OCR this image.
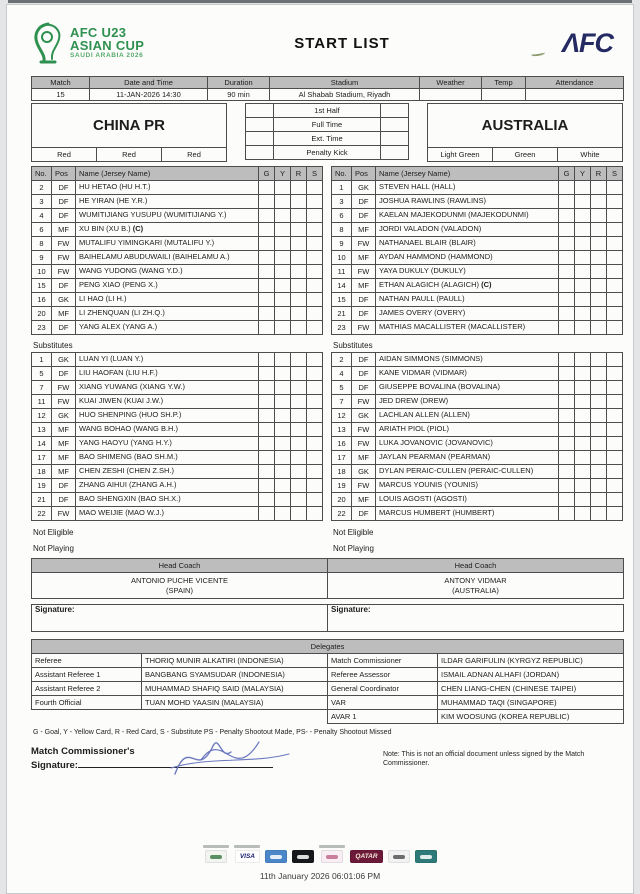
AFC U23
ASIAN CUP
SAUDI ARABIA 2026
START LIST	ΛFC
Match	Date and Time	Duration	Stadium	Weather	Temp	Attendance
15	11-JAN-2026 14:30	90 min	Al Shabab Stadium, Riyadh			
CHINA PR
Red	Red	Red
	1st Half	
	Full Time	
	Ext. Time	
	Penalty Kick	
AUSTRALIA
Light Green	Green	White
No.	Pos	Name (Jersey Name)	G	Y	R	S
2	DF	HU HETAO (HU H.T.)				
3	DF	HE YIRAN (HE Y.R.)				
4	DF	WUMITIJIANG YUSUPU (WUMITIJIANG Y.)				
6	MF	XU BIN (XU B.) (C)				
8	FW	MUTALIFU YIMINGKARI (MUTALIFU Y.)				
9	FW	BAIHELAMU ABUDUWAILI (BAIHELAMU A.)				
10	FW	WANG YUDONG (WANG Y.D.)				
15	DF	PENG XIAO (PENG X.)				
16	GK	LI HAO (LI H.)				
20	MF	LI ZHENQUAN (LI ZH.Q.)				
23	DF	YANG ALEX (YANG A.)				
Substitutes
1	GK	LUAN YI (LUAN Y.)				
5	DF	LIU HAOFAN (LIU H.F.)				
7	FW	XIANG YUWANG (XIANG Y.W.)				
11	FW	KUAI JIWEN (KUAI J.W.)				
12	GK	HUO SHENPING (HUO SH.P.)				
13	MF	WANG BOHAO (WANG B.H.)				
14	MF	YANG HAOYU (YANG H.Y.)				
17	MF	BAO SHIMENG (BAO SH.M.)				
18	MF	CHEN ZESHI (CHEN Z.SH.)				
19	DF	ZHANG AIHUI (ZHANG A.H.)				
21	DF	BAO SHENGXIN (BAO SH.X.)				
22	FW	MAO WEIJIE (MAO W.J.)				
No.	Pos	Name (Jersey Name)	G	Y	R	S
1	GK	STEVEN HALL (HALL)				
3	DF	JOSHUA RAWLINS (RAWLINS)				
6	DF	KAELAN MAJEKODUNMI (MAJEKODUNMI)				
8	MF	JORDI VALADON (VALADON)				
9	FW	NATHANAEL BLAIR (BLAIR)				
10	MF	AYDAN HAMMOND (HAMMOND)				
11	FW	YAYA DUKULY (DUKULY)				
14	MF	ETHAN ALAGICH (ALAGICH) (C)				
15	DF	NATHAN PAULL (PAULL)				
21	DF	JAMES OVERY (OVERY)				
23	FW	MATHIAS MACALLISTER (MACALLISTER)				
Substitutes
2	DF	AIDAN SIMMONS (SIMMONS)				
4	DF	KANE VIDMAR (VIDMAR)				
5	DF	GIUSEPPE BOVALINA (BOVALINA)				
7	FW	JED DREW (DREW)				
12	GK	LACHLAN ALLEN (ALLEN)				
13	FW	ARIATH PIOL (PIOL)				
16	FW	LUKA JOVANOVIC (JOVANOVIC)				
17	MF	JAYLAN PEARMAN (PEARMAN)				
18	GK	DYLAN PERAIC-CULLEN (PERAIC-CULLEN)				
19	FW	MARCUS YOUNIS (YOUNIS)				
20	MF	LOUIS AGOSTI (AGOSTI)				
22	DF	MARCUS HUMBERT (HUMBERT)				
Not Eligible	Not Eligible
Not Playing	Not Playing
Head Coach	Head Coach

ANTONIO PUCHE VICENTE
(SPAIN)

ANTONY VIDMAR
(AUSTRALIA)
Signature:	Signature:
Delegates			
Referee	THORIQ MUNIR ALKATIRI (INDONESIA)	Match Commissioner	ILDAR GARIFULIN (KYRGYZ REPUBLIC)
Assistant Referee 1	BANGBANG SYAMSUDAR (INDONESIA)	Referee Assessor	ISMAIL ADNAN ALHAFI (JORDAN)
Assistant Referee 2	MUHAMMAD SHAFIQ SAID (MALAYSIA)	General Coordinator	CHEN LIANG-CHEN (CHINESE TAIPEI)
Fourth Official	TUAN MOHD YAASIN (MALAYSIA)	VAR	MUHAMMAD TAQI (SINGAPORE)
		AVAR 1	KIM WOOSUNG (KOREA REPUBLIC)
G - Goal, Y - Yellow Card, R - Red Card, S - Substitute PS - Penalty Shootout Made, PS- - Penalty Shootout Missed
Match Commissioner's
Signature:
Note: This is not an official document unless signed by the Match Commissioner.
VISA	QATAR
11th January 2026 06:01:06 PM
